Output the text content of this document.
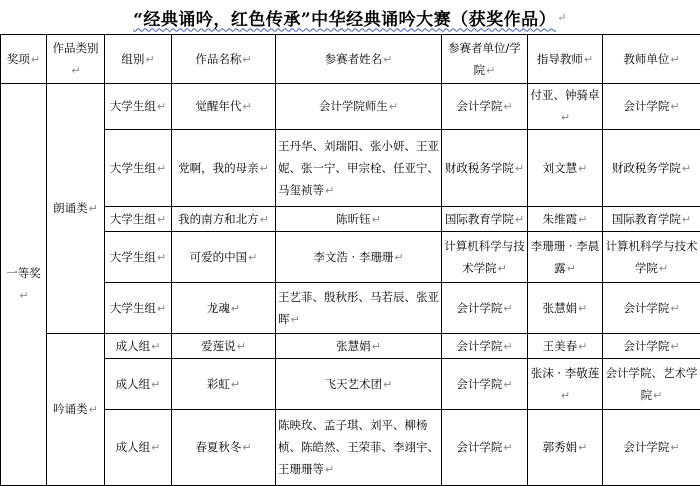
“经典诵吟，红色传承”中华经典诵吟大赛（获奖作品） ↵
奖项↵	作品类别↵	组别↵	作品名称↵	参赛者姓名↵	参赛者单位/学院↵	指导教师↵	教师单位↵
一等奖↵	朗诵类↵	大学生组↵	觉醒年代↵	会计学院师生↵	会计学院↵	付亚、钟骑卓↵	会计学院↵
		大学生组↵	党啊，我的母亲↵	王丹华、刘瑞阳、张小妍、王亚妮、张一宁、甲宗栓、任亚宁、马玺祯等↵	财政税务学院↵	刘文慧↵	财政税务学院↵
		大学生组↵	我的南方和北方↵	陈昕钰↵	国际教育学院↵	朱维霞↵	国际教育学院↵
		大学生组↵	可爱的中国↵	李文浩 · 李珊珊↵	计算机科学与技术学院↵	李珊珊 · 李晨露↵	计算机科学与技术学院↵
		大学生组↵	龙魂↵	王艺菲、殷秋彤、马若辰、张亚晖↵	会计学院↵	张慧娟↵	会计学院↵
	吟诵类↵	成人组↵	爱莲说↵	张慧娟↵	会计学院↵	王美春↵	会计学院↵
		成人组↵	彩虹↵	飞天艺术团↵	会计学院↵	张沫 · 李敬莲↵	会计学院、艺术学院↵
		成人组↵	春夏秋冬↵	陈映玫、孟子琪、刘平、柳杨桢、陈皓然、王荣菲、李翊宇、王珊珊等↵	会计学院↵	郭秀娟↵	会计学院↵
